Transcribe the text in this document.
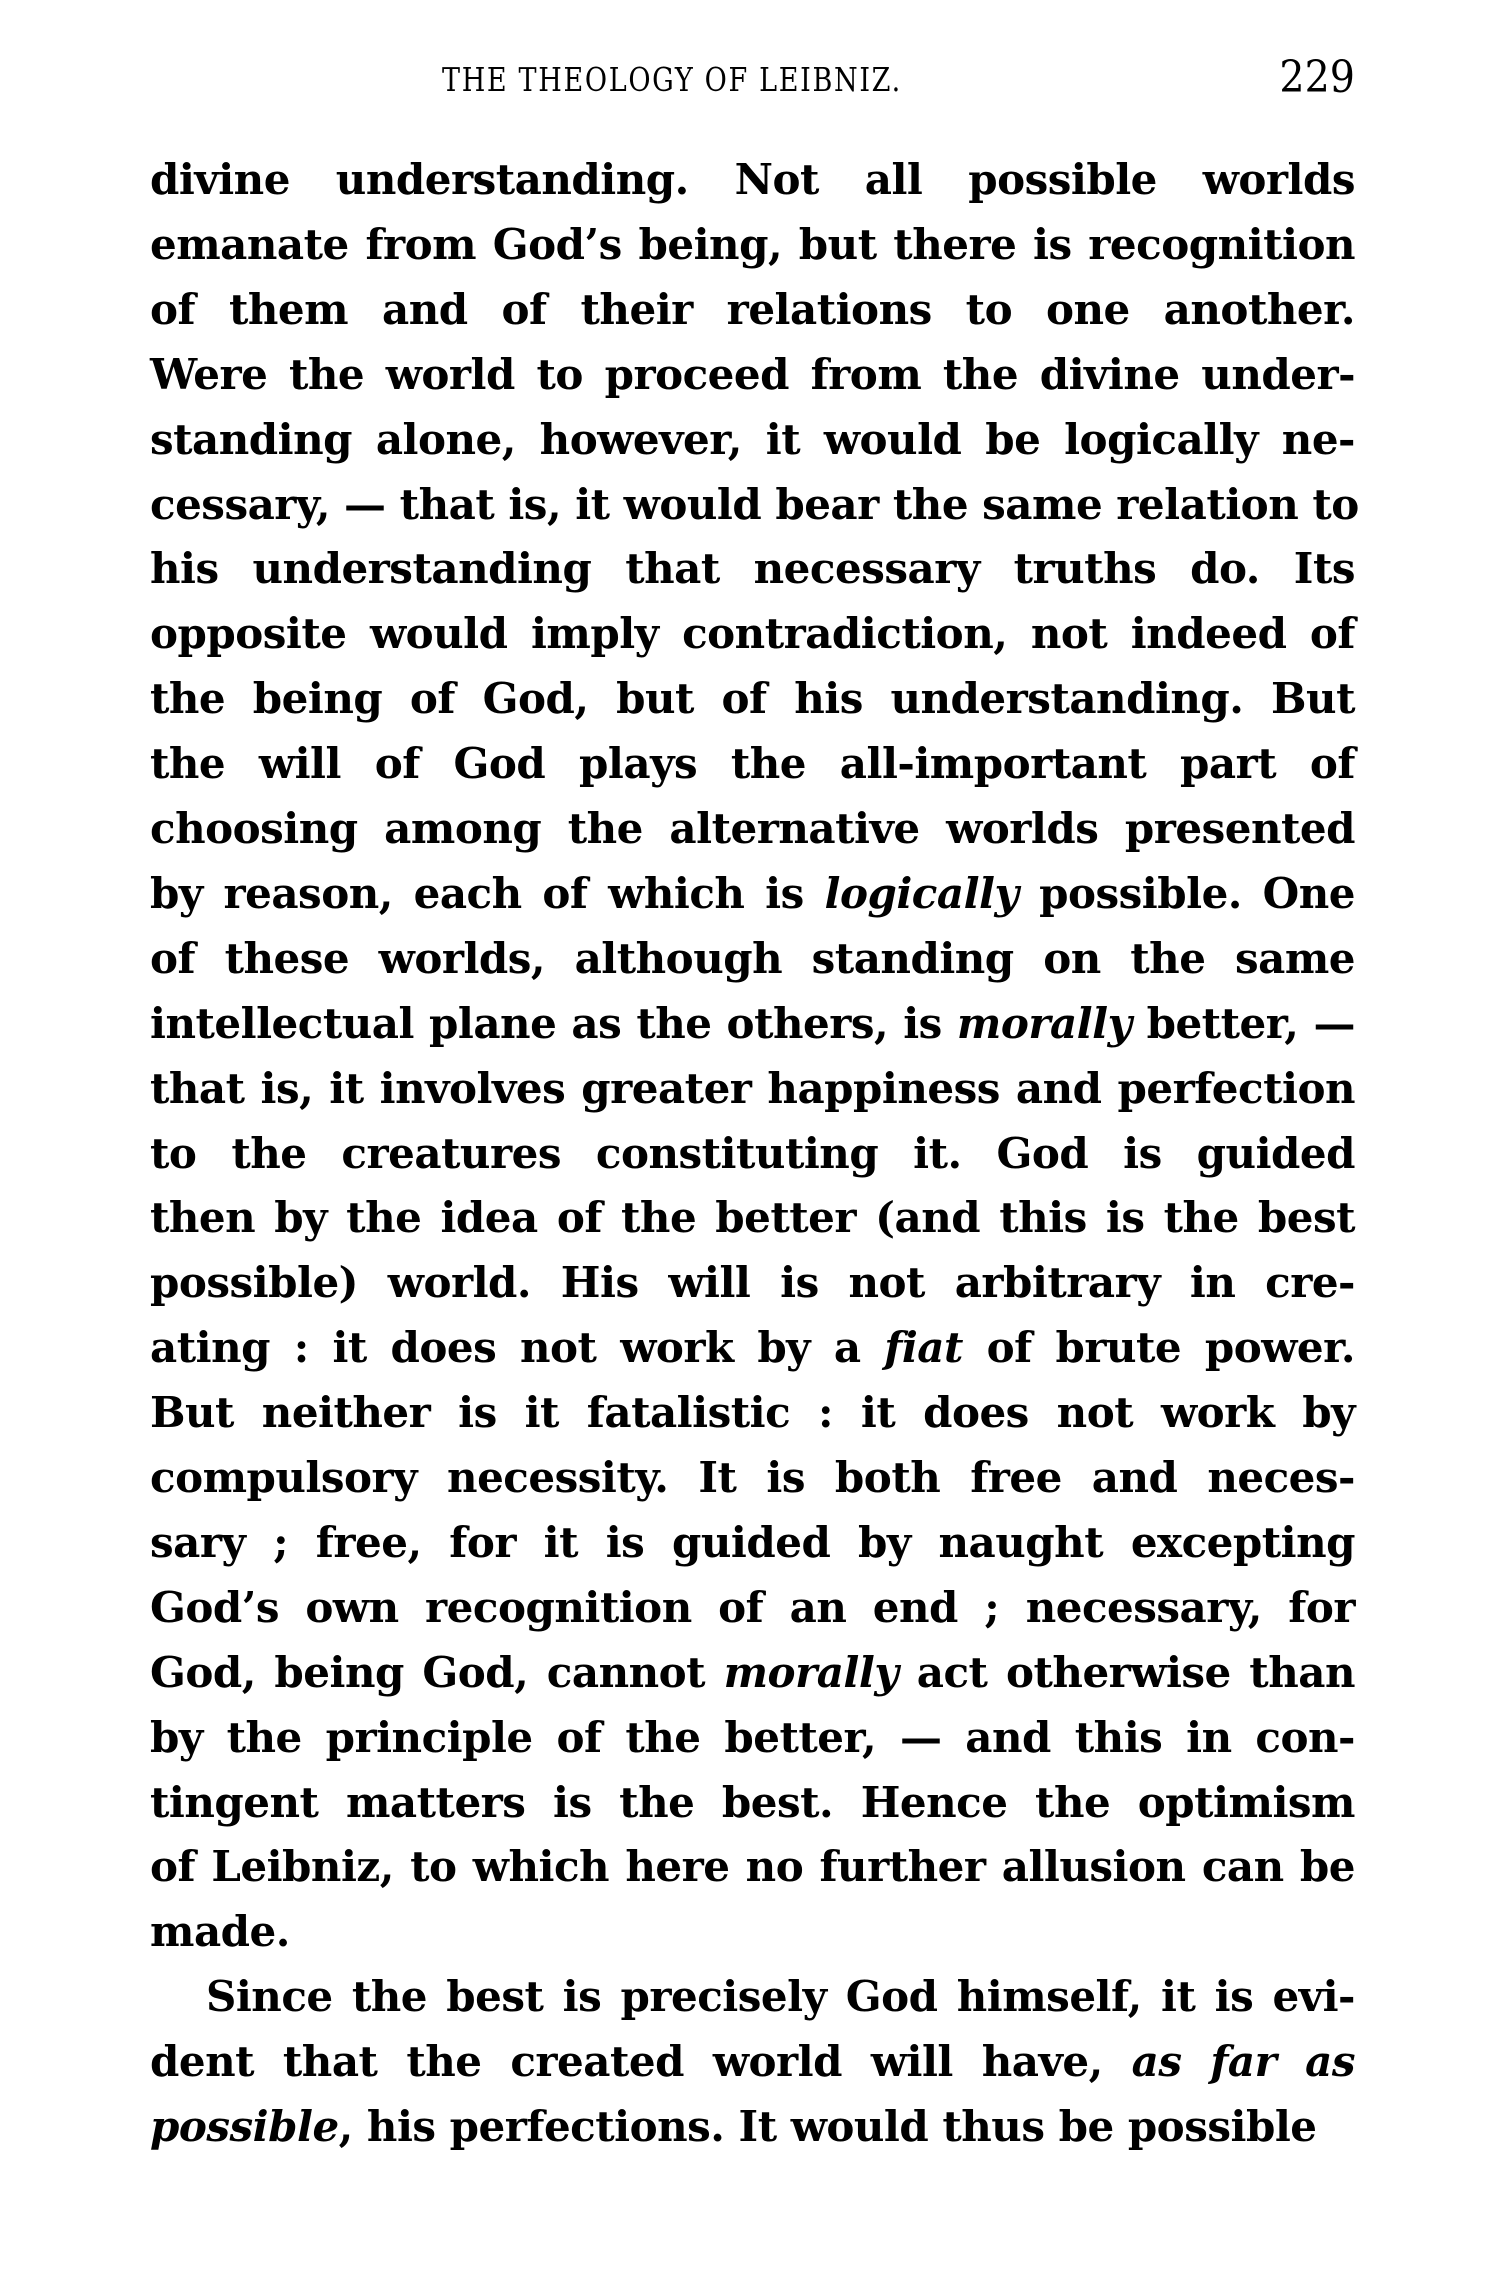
THE THEOLOGY OF LEIBNIZ.	229
divine understanding. Not all possible worlds
emanate from God’s being, but there is recognition
of them and of their relations to one another.
Were the world to proceed from the divine under-
standing alone, however, it would be logically ne-
cessary, — that is, it would bear the same relation to
his understanding that necessary truths do. Its
opposite would imply contradiction, not indeed of
the being of God, but of his understanding. But
the will of God plays the all-important part of
choosing among the alternative worlds presented
by reason, each of which is logically possible. One
of these worlds, although standing on the same
intellectual plane as the others, is morally better, —
that is, it involves greater happiness and perfection
to the creatures constituting it. God is guided
then by the idea of the better (and this is the best
possible) world. His will is not arbitrary in cre-
ating : it does not work by a fiat of brute power.
But neither is it fatalistic : it does not work by
compulsory necessity. It is both free and neces-
sary ; free, for it is guided by naught excepting
God’s own recognition of an end ; necessary, for
God, being God, cannot morally act otherwise than
by the principle of the better, — and this in con-
tingent matters is the best. Hence the optimism
of Leibniz, to which here no further allusion can be
made.
Since the best is precisely God himself, it is evi-
dent that the created world will have, as far as
possible, his perfections. It would thus be possible
